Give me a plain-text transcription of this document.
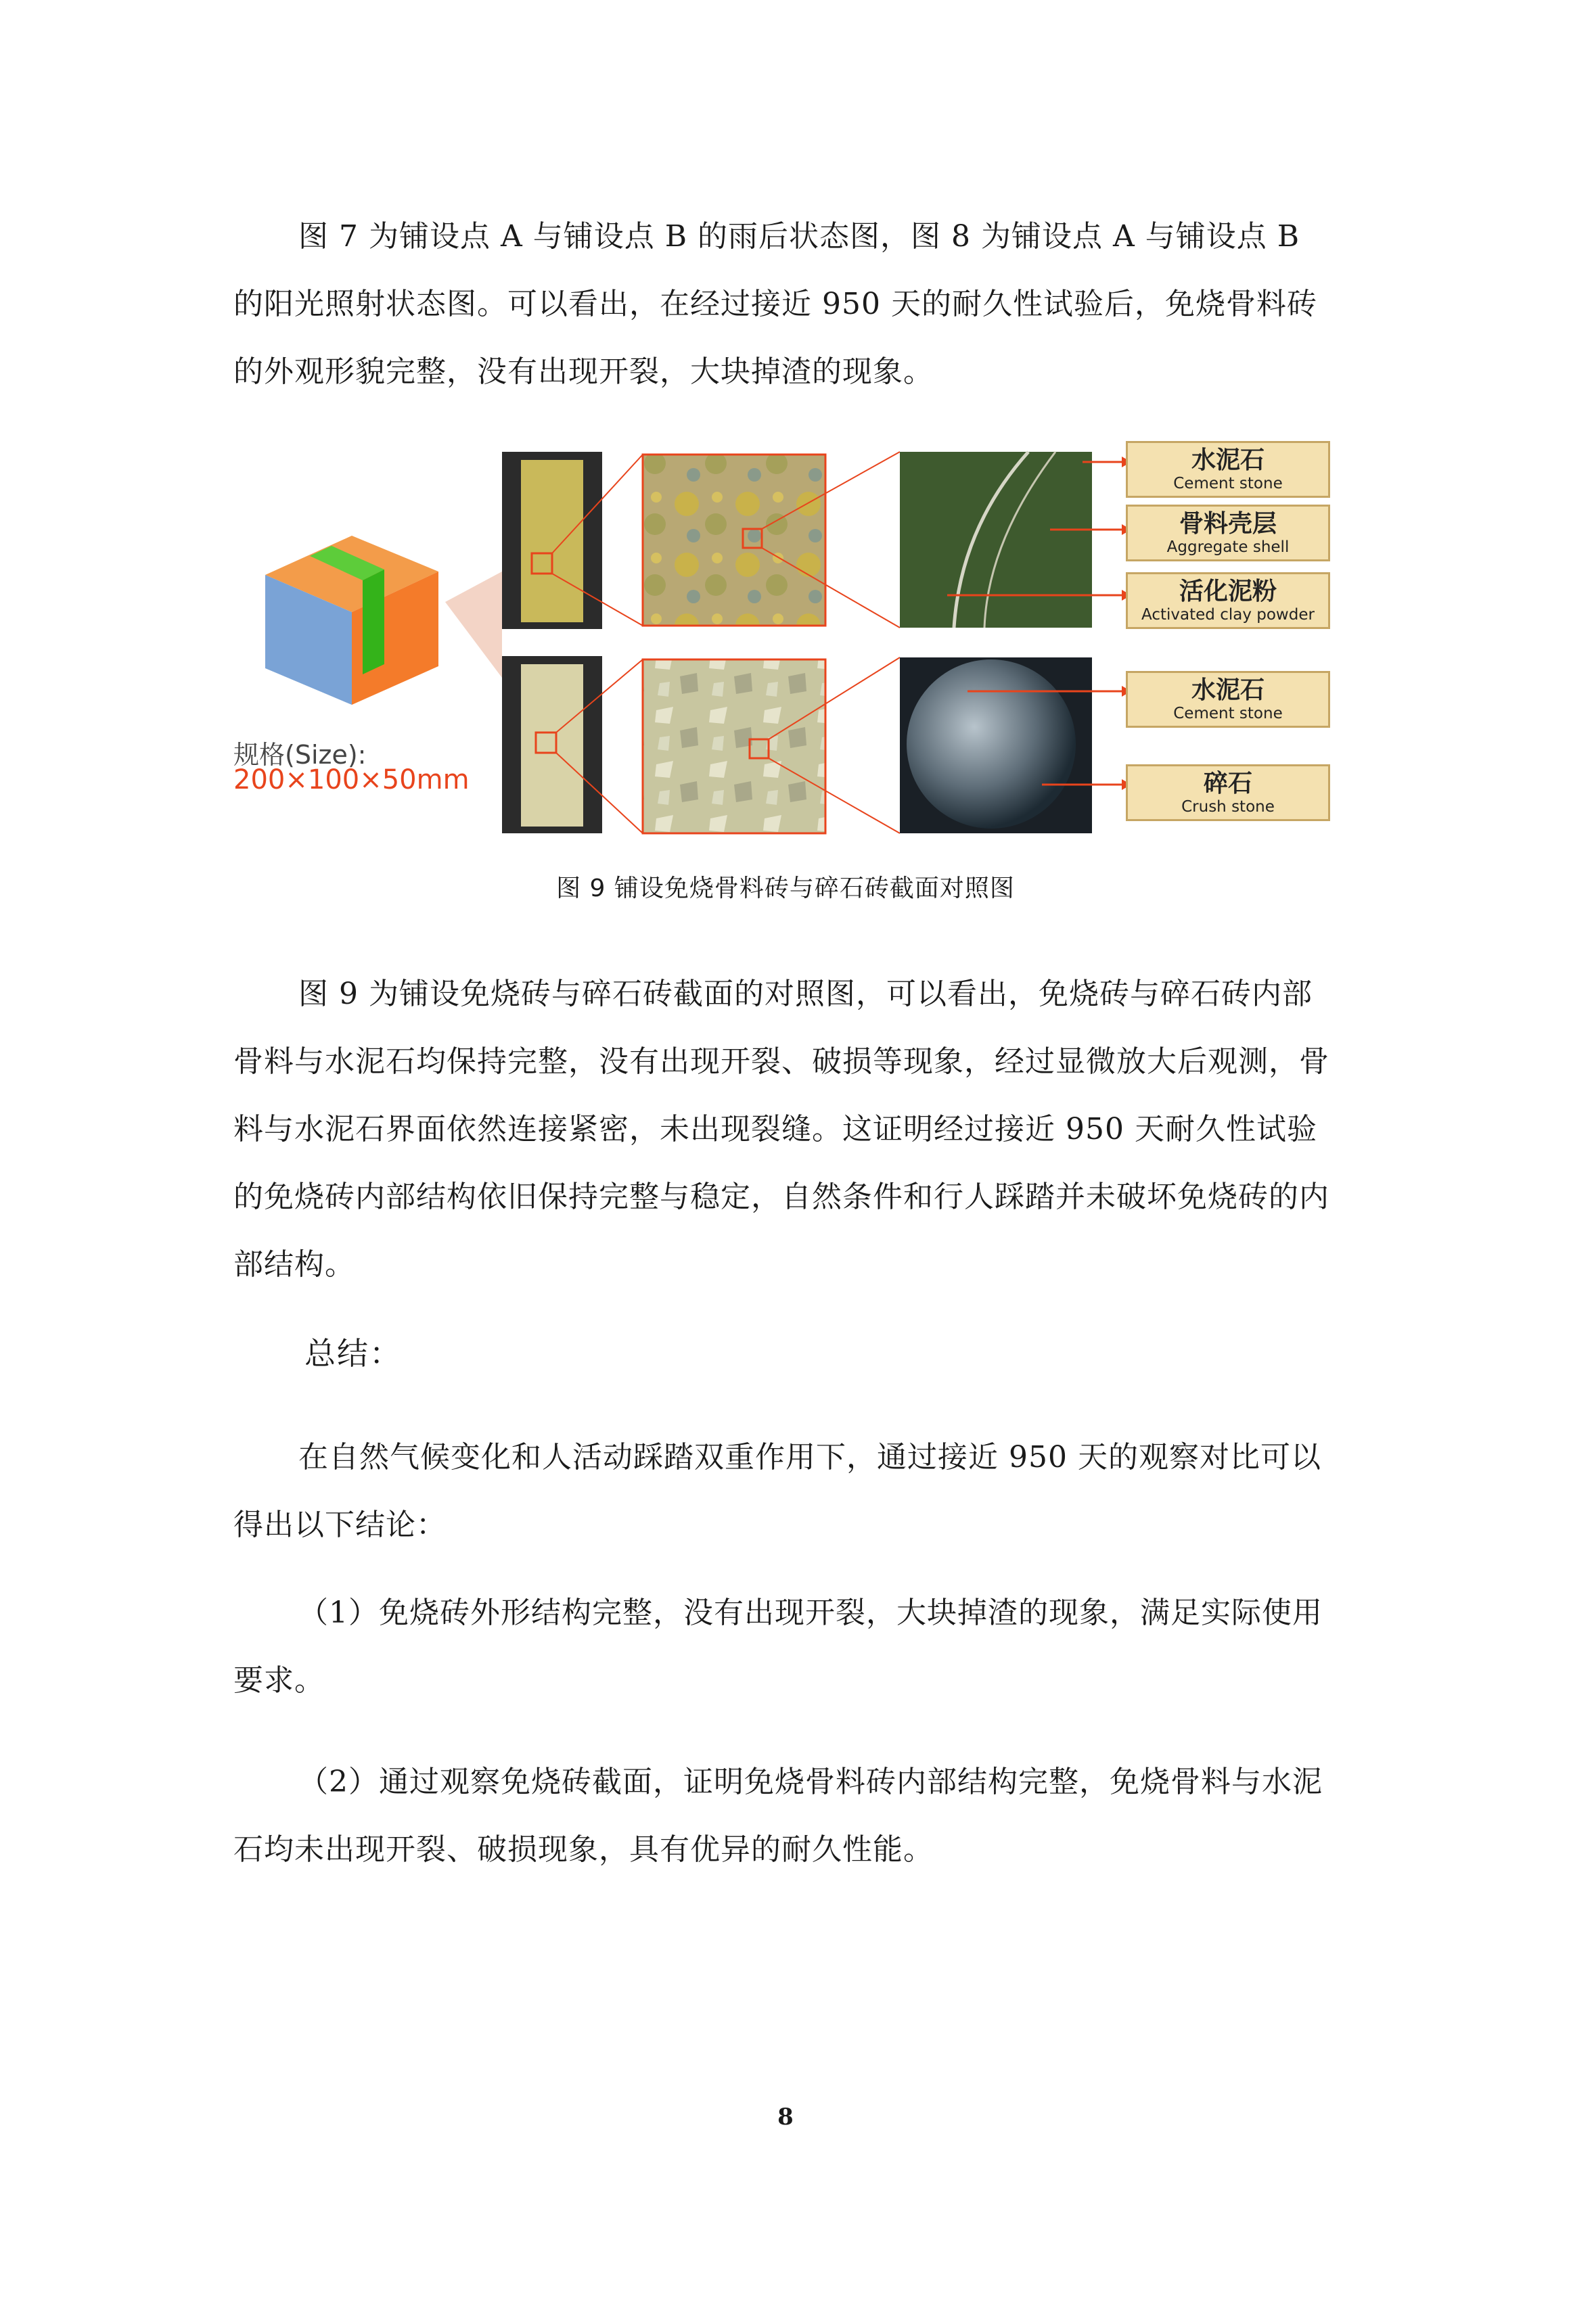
图 7 为铺设点 A 与铺设点 B 的雨后状态图，图 8 为铺设点 A 与铺设点 B 的阳光照射状态图。可以看出，在经过接近 950 天的耐久性试验后，免烧骨料砖的外观形貌完整，没有出现开裂，大块掉渣的现象。

水泥石
Cement stone
骨料壳层
Aggregate shell
活化泥粉
Activated clay powder
水泥石
Cement stone
碎石
Crush stone
规格(Size):
200×100×50mm
图 9 铺设免烧骨料砖与碎石砖截面对照图

图 9 为铺设免烧砖与碎石砖截面的对照图，可以看出，免烧砖与碎石砖内部骨料与水泥石均保持完整，没有出现开裂、破损等现象，经过显微放大后观测，骨料与水泥石界面依然连接紧密，未出现裂缝。这证明经过接近 950 天耐久性试验的免烧砖内部结构依旧保持完整与稳定，自然条件和行人踩踏并未破坏免烧砖的内部结构。

总结：

在自然气候变化和人活动踩踏双重作用下，通过接近 950 天的观察对比可以得出以下结论：

（1）免烧砖外形结构完整，没有出现开裂，大块掉渣的现象，满足实际使用要求。

（2）通过观察免烧砖截面，证明免烧骨料砖内部结构完整，免烧骨料与水泥石均未出现开裂、破损现象，具有优异的耐久性能。

8
